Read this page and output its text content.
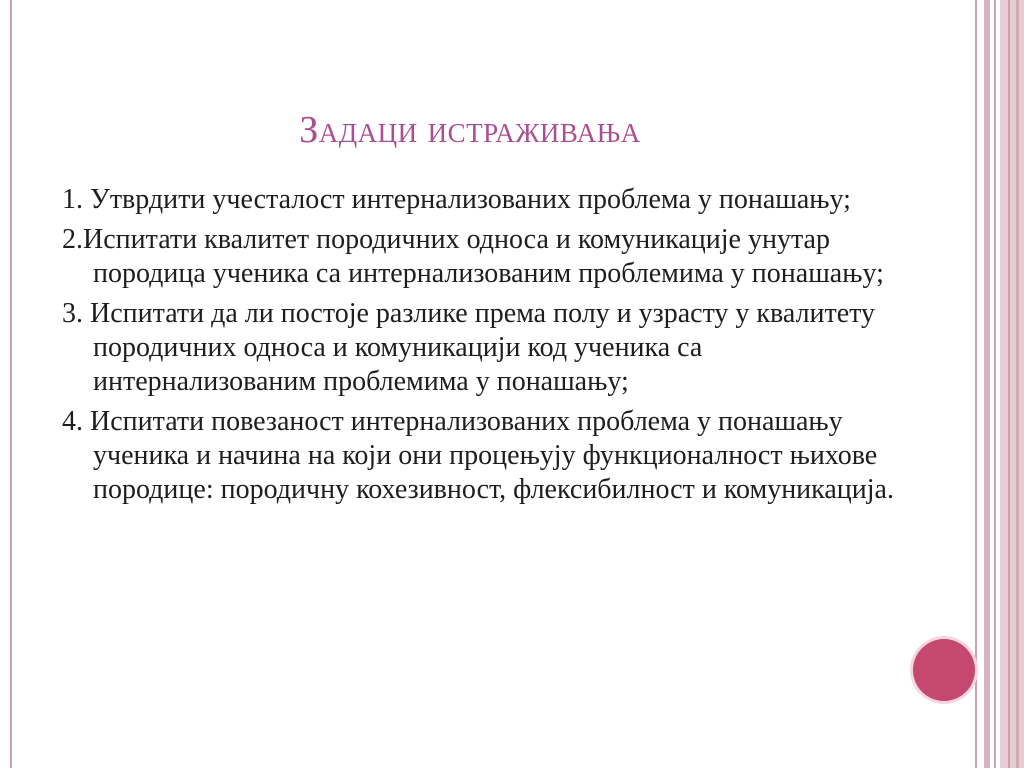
Задаци истраживања
1. Утврдити учесталост интернализованих проблема у понашању;
2.Испитати квалитет породичних односа и комуникације унутар породица ученика са интернализованим проблемима у понашању;
3. Испитати да ли постоје разлике према полу и узрасту у квалитету породичних односа и комуникацији код ученика са интернализованим проблемима у понашању;
4. Испитати повезаност интернализованих проблема у понашању ученика и начина на који они процењују функционалност њихове породице: породичну кохезивност, флексибилност и комуникација.
